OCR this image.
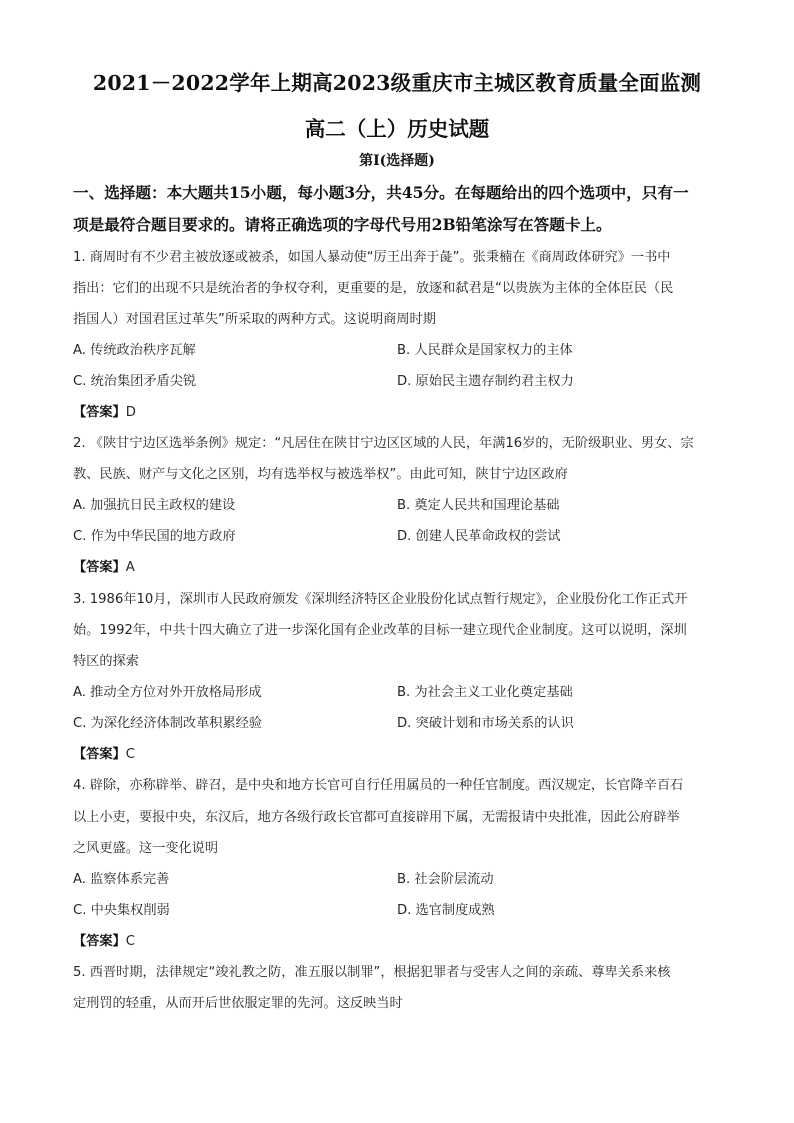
2021－2022学年上期高2023级重庆市主城区教育质量全面监测
高二（上）历史试题
第Ⅰ(选择题)
一、选择题：本大题共15小题，每小题3分，共45分。在每题给出的四个选项中，只有一
项是最符合题目要求的。请将正确选项的字母代号用2B铅笔涂写在答题卡上。
1. 商周时有不少君主被放逐或被杀，如国人暴动使“厉王出奔于彘”。张秉楠在《商周政体研究》一书中
指出：它们的出现不只是统治者的争权夺利，更重要的是，放逐和弑君是“以贵族为主体的全体臣民（民
指国人）对国君匡过革失”所采取的两种方式。这说明商周时期
A. 传统政治秩序瓦解	B. 人民群众是国家权力的主体
C. 统治集团矛盾尖锐	D. 原始民主遗存制约君主权力
【答案】D
2. 《陕甘宁边区选举条例》规定：“凡居住在陕甘宁边区区域的人民，年满16岁的，无阶级职业、男女、宗
教、民族、财产与文化之区别，均有选举权与被选举权”。由此可知，陕甘宁边区政府
A. 加强抗日民主政权的建设	B. 奠定人民共和国理论基础
C. 作为中华民国的地方政府	D. 创建人民革命政权的尝试
【答案】A
3. 1986年10月，深圳市人民政府颁发《深圳经济特区企业股份化试点暂行规定》，企业股份化工作正式开
始。1992年，中共十四大确立了进一步深化国有企业改革的目标一建立现代企业制度。这可以说明，深圳
特区的探索
A. 推动全方位对外开放格局形成	B. 为社会主义工业化奠定基础
C. 为深化经济体制改革积累经验	D. 突破计划和市场关系的认识
【答案】C
4. 辟除，亦称辟举、辟召，是中央和地方长官可自行任用属员的一种任官制度。西汉规定，长官降辛百石
以上小吏，要报中央，东汉后，地方各级行政长官都可直接辟用下属，无需报请中央批准，因此公府辟举
之风更盛。这一变化说明
A. 监察体系完善	B. 社会阶层流动
C. 中央集权削弱	D. 选官制度成熟
【答案】C
5. 西晋时期，法律规定“竣礼教之防，准五服以制罪”，根据犯罪者与受害人之间的亲疏、尊卑关系来核
定刑罚的轻重，从而开后世依服定罪的先河。这反映当时
